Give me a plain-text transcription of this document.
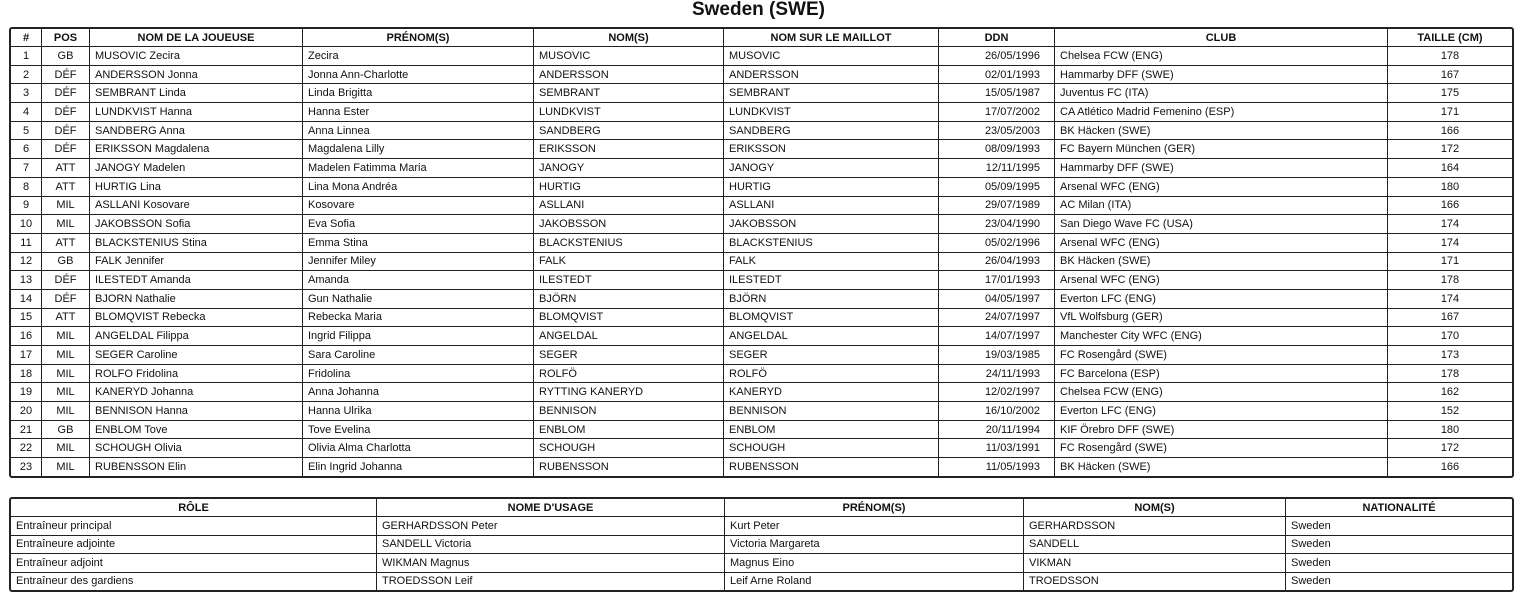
Sweden (SWE)
#	POS	NOM DE LA JOUEUSE	PRÉNOM(S)	NOM(S)	NOM SUR LE MAILLOT	DDN	CLUB	TAILLE (CM)
1	GB	MUSOVIC Zecira	Zecira	MUSOVIC	MUSOVIC	26/05/1996	Chelsea FCW (ENG)	178
2	DÉF	ANDERSSON Jonna	Jonna Ann-Charlotte	ANDERSSON	ANDERSSON	02/01/1993	Hammarby DFF (SWE)	167
3	DÉF	SEMBRANT Linda	Linda Brigitta	SEMBRANT	SEMBRANT	15/05/1987	Juventus FC (ITA)	175
4	DÉF	LUNDKVIST Hanna	Hanna Ester	LUNDKVIST	LUNDKVIST	17/07/2002	CA Atlético Madrid Femenino (ESP)	171
5	DÉF	SANDBERG Anna	Anna Linnea	SANDBERG	SANDBERG	23/05/2003	BK Häcken (SWE)	166
6	DÉF	ERIKSSON Magdalena	Magdalena Lilly	ERIKSSON	ERIKSSON	08/09/1993	FC Bayern München (GER)	172
7	ATT	JANOGY Madelen	Madelen Fatimma Maria	JANOGY	JANOGY	12/11/1995	Hammarby DFF (SWE)	164
8	ATT	HURTIG Lina	Lina Mona Andréa	HURTIG	HURTIG	05/09/1995	Arsenal WFC (ENG)	180
9	MIL	ASLLANI Kosovare	Kosovare	ASLLANI	ASLLANI	29/07/1989	AC Milan (ITA)	166
10	MIL	JAKOBSSON Sofia	Eva Sofia	JAKOBSSON	JAKOBSSON	23/04/1990	San Diego Wave FC (USA)	174
11	ATT	BLACKSTENIUS Stina	Emma Stina	BLACKSTENIUS	BLACKSTENIUS	05/02/1996	Arsenal WFC (ENG)	174
12	GB	FALK Jennifer	Jennifer Miley	FALK	FALK	26/04/1993	BK Häcken (SWE)	171
13	DÉF	ILESTEDT Amanda	Amanda	ILESTEDT	ILESTEDT	17/01/1993	Arsenal WFC (ENG)	178
14	DÉF	BJORN Nathalie	Gun Nathalie	BJÖRN	BJÖRN	04/05/1997	Everton LFC (ENG)	174
15	ATT	BLOMQVIST Rebecka	Rebecka Maria	BLOMQVIST	BLOMQVIST	24/07/1997	VfL Wolfsburg (GER)	167
16	MIL	ANGELDAL Filippa	Ingrid Filippa	ANGELDAL	ANGELDAL	14/07/1997	Manchester City WFC (ENG)	170
17	MIL	SEGER Caroline	Sara Caroline	SEGER	SEGER	19/03/1985	FC Rosengård (SWE)	173
18	MIL	ROLFO Fridolina	Fridolina	ROLFÖ	ROLFÖ	24/11/1993	FC Barcelona (ESP)	178
19	MIL	KANERYD Johanna	Anna Johanna	RYTTING KANERYD	KANERYD	12/02/1997	Chelsea FCW (ENG)	162
20	MIL	BENNISON Hanna	Hanna Ulrika	BENNISON	BENNISON	16/10/2002	Everton LFC (ENG)	152
21	GB	ENBLOM Tove	Tove Evelina	ENBLOM	ENBLOM	20/11/1994	KIF Örebro DFF (SWE)	180
22	MIL	SCHOUGH Olivia	Olivia Alma Charlotta	SCHOUGH	SCHOUGH	11/03/1991	FC Rosengård (SWE)	172
23	MIL	RUBENSSON Elin	Elin Ingrid Johanna	RUBENSSON	RUBENSSON	11/05/1993	BK Häcken (SWE)	166
RÔLE	NOME D'USAGE	PRÉNOM(S)	NOM(S)	NATIONALITÉ
Entraîneur principal	GERHARDSSON Peter	Kurt Peter	GERHARDSSON	Sweden
Entraîneure adjointe	SANDELL Victoria	Victoria Margareta	SANDELL	Sweden
Entraîneur adjoint	WIKMAN Magnus	Magnus Eino	VIKMAN	Sweden
Entraîneur des gardiens	TROEDSSON Leif	Leif Arne Roland	TROEDSSON	Sweden
